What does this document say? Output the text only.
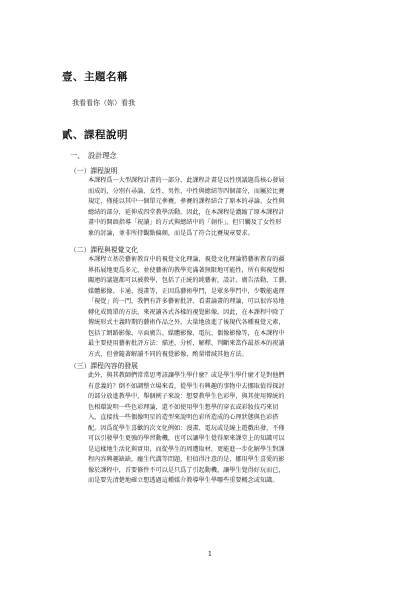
壹、主題名稱
我看看你（妳）看我
貳、課程說明
一、　設計理念
（一）課程說明
本課程爲一大型課程計畫的一部分，此課程計畫是以性別議題爲核心發展
而成的，分別有尋論、女性、男性、中性與總結等四個部分，而屬於比賽
規定，僅能以其中一個單元參賽，參賽的課程結合了原本的尋論、女性與
總結的部分，延伸成四堂教學活動。因此，在本課程是濃縮了原本課程計
畫中的開頭指導「祝讀」的方式與總結中的「創作」，但只觸及了女性形
象的討論，並非所持觀點偏頗，而是爲了符合比賽規章要求。
（二）課程與視覺文化
本課程立基於藝術教育中的視覺文化理論，視覺文化理論將藝術教育的疆
界拓展地更爲多元，並使藝術的教學充滿著無限地可能性，所有與視覺相
關連的議題都可以被教學，包括了正統的純藝術，設計、廣告活動、工藝、
媒體影像、卡通、漫畫等，正因爲藝術學門，是眾多學門中，少數能處理
「視覺」的一門，我們有許多藝術批評、看畫論畫的理論，可以很容易地
轉化成簡單的方法，來祝讀各式各樣的視覺影像。因此，在本課程中除了
傳統形式主義時期的藝術作品之外，大量地放進了後現代各種視覺元素，
包括了網路影像、卒面廣告、媒體影像、電玩、偶像影像等，在本課程中
最主要使用藝術批評方法：描述、分析、解釋、判斷來當作最基本的祝讀
方式，但會隨著解讀不同的視覺影像，酌量增減其他方法。
（三）課程內容的發展
此外，與其教師們常常思考該讓學生學什麼？或是學生學什麼才是對他們
有意義的？倒不如調整立場來看，從學生有興趣的事物中去挪取值得探討
的部分放進教學中，舉個例子來說：想要教學生色彩學，與其使用傳統的
色相環說明一些色彩理論，還不如使用學生想學的穿衣或彩妝技巧來切
入，直接找一些偶像明星的造型來說明色彩所造成的心理狀態與色彩搭
配。因爲從學生喜歡的次文化例如：漫畫、電玩或是線上遊戲出發，不僅
可以引發學生更強的學習動機，也可以讓學生覺得原來課堂上的知識可以
是這樣地生活化與實用，而從學生的周遭取材，更能進一步化解學生對課
程內容興趣缺缺，龐生代溝等問題，但值得注意的是，挪用學生喜愛的影
像於課程中，首要條件不可以是只爲了引起動機，讓學生覺得好玩而已，
而是要先清楚地確立想透過這種媒介教導學生學哪些重要概念或知識。
1
